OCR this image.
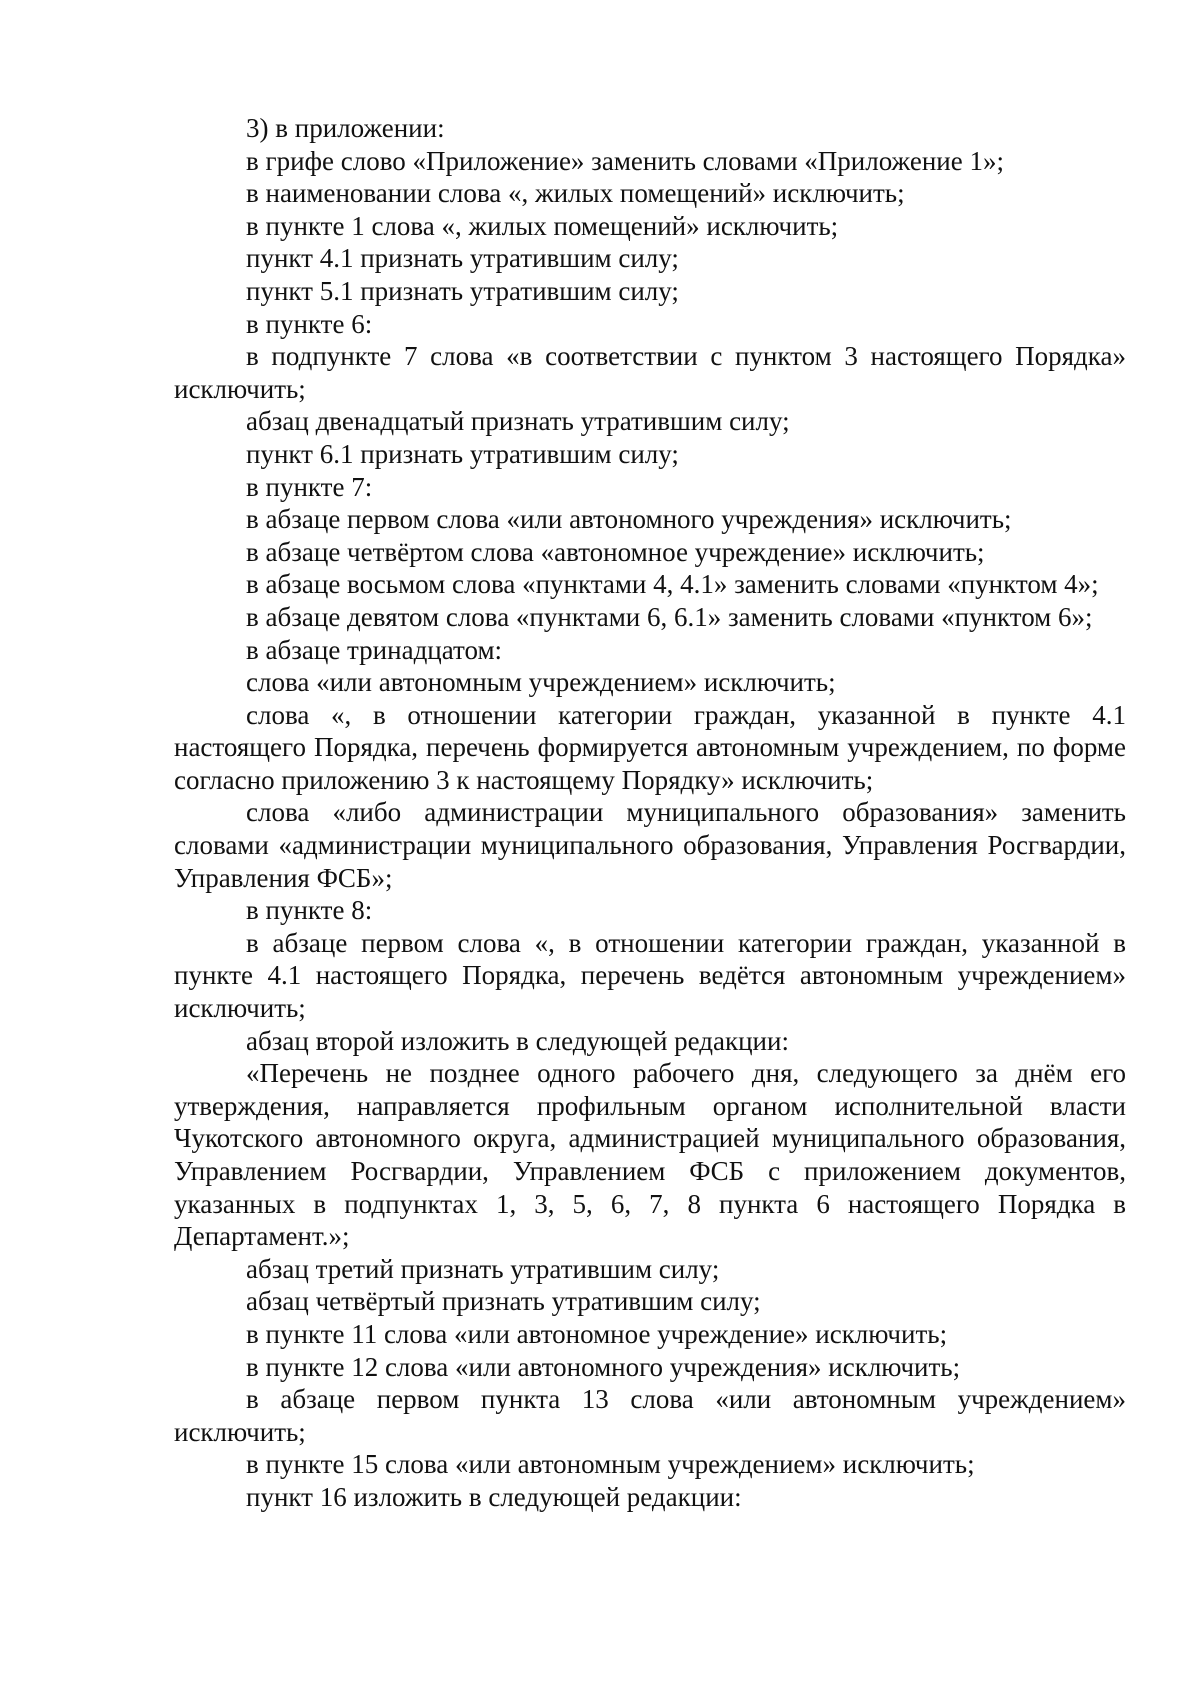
3) в приложении:

в грифе слово «Приложение» заменить словами «Приложение 1»;

в наименовании слова «, жилых помещений» исключить;

в пункте 1 слова «, жилых помещений» исключить;

пункт 4.1 признать утратившим силу;

пункт 5.1 признать утратившим силу;

в пункте 6:

в подпункте 7 слова «в соответствии с пунктом 3 настоящего Порядка» исключить;

абзац двенадцатый признать утратившим силу;

пункт 6.1 признать утратившим силу;

в пункте 7:

в абзаце первом слова «или автономного учреждения» исключить;

в абзаце четвёртом слова «автономное учреждение» исключить;

в абзаце восьмом слова «пунктами 4, 4.1» заменить словами «пунктом 4»;

в абзаце девятом слова «пунктами 6, 6.1» заменить словами «пунктом 6»;

в абзаце тринадцатом:

слова «или автономным учреждением» исключить;

слова «, в отношении категории граждан, указанной в пункте 4.1 настоящего Порядка, перечень формируется автономным учреждением, по форме согласно приложению 3 к настоящему Порядку» исключить;

слова «либо администрации муниципального образования» заменить словами «администрации муниципального образования, Управления Росгвардии, Управления ФСБ»;

в пункте 8:

в абзаце первом слова «, в отношении категории граждан, указанной в пункте 4.1 настоящего Порядка, перечень ведётся автономным учреждением» исключить;

абзац второй изложить в следующей редакции:

«Перечень не позднее одного рабочего дня, следующего за днём его утверждения, направляется профильным органом исполнительной власти Чукотского автономного округа, администрацией муниципального образования, Управлением Росгвардии, Управлением ФСБ с приложением документов, указанных в подпунктах 1, 3, 5, 6, 7, 8 пункта 6 настоящего Порядка в Департамент.»;

абзац третий признать утратившим силу;

абзац четвёртый признать утратившим силу;

в пункте 11 слова «или автономное учреждение» исключить;

в пункте 12 слова «или автономного учреждения» исключить;

в абзаце первом пункта 13 слова «или автономным учреждением» исключить;

в пункте 15 слова «или автономным учреждением» исключить;

пункт 16 изложить в следующей редакции:
